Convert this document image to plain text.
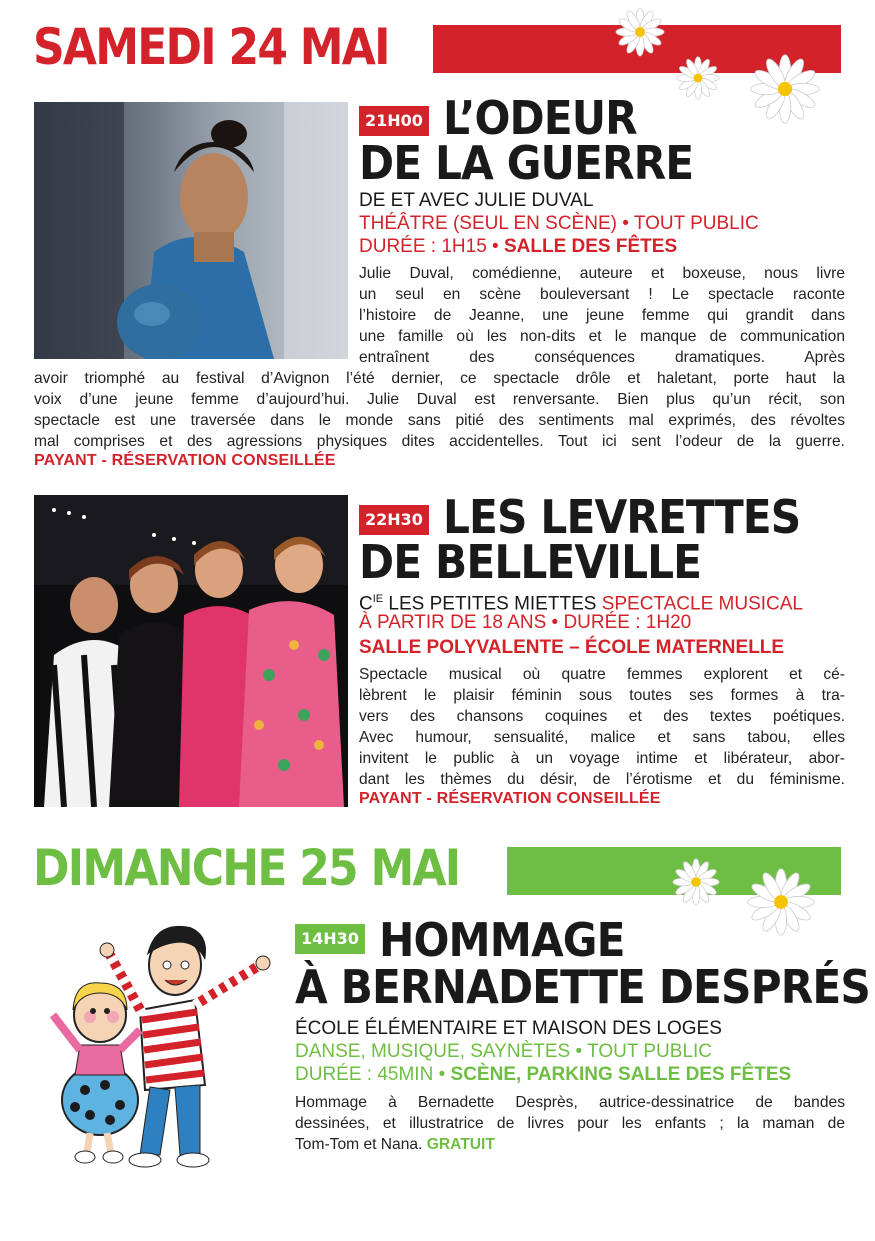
SAMEDI 24 MAI
21H00 L’ODEUR
DE LA GUERRE
DE ET AVEC JULIE DUVAL
THÉÂTRE (SEUL EN SCÈNE) • TOUT PUBLIC
DURÉE : 1H15 • SALLE DES FÊTES
Julie Duval, comédienne, auteure et boxeuse, nous livre
un seul en scène bouleversant ! Le spectacle raconte
l’histoire de Jeanne, une jeune femme qui grandit dans
une famille où les non-dits et le manque de communication
entraînent des conséquences dramatiques. Après
avoir triomphé au festival d’Avignon l’été dernier, ce spectacle drôle et haletant, porte haut la
voix d’une jeune femme d’aujourd’hui. Julie Duval est renversante. Bien plus qu’un récit, son
spectacle est une traversée dans le monde sans pitié des sentiments mal exprimés, des révoltes
mal comprises et des agressions physiques dites accidentelles. Tout ici sent l’odeur de la guerre.
PAYANT - RÉSERVATION CONSEILLÉE
22H30 LES LEVRETTES
DE BELLEVILLE
$C^{IE}$ LES PETITES MIETTES SPECTACLE MUSICAL
À PARTIR DE 18 ANS • DURÉE : 1H20
SALLE POLYVALENTE – ÉCOLE MATERNELLE
Spectacle musical où quatre femmes explorent et cé-
lèbrent le plaisir féminin sous toutes ses formes à tra-
vers des chansons coquines et des textes poétiques.
Avec humour, sensualité, malice et sans tabou, elles
invitent le public à un voyage intime et libérateur, abor-
dant les thèmes du désir, de l’érotisme et du féminisme.
PAYANT - RÉSERVATION CONSEILLÉE
DIMANCHE 25 MAI
14H30 HOMMAGE
À BERNADETTE DESPRÉS
ÉCOLE ÉLÉMENTAIRE ET MAISON DES LOGES
DANSE, MUSIQUE, SAYNÈTES • TOUT PUBLIC
DURÉE : 45MIN • SCÈNE, PARKING SALLE DES FÊTES
Hommage à Bernadette Desprès, autrice-dessinatrice de bandes
dessinées, et illustratrice de livres pour les enfants ; la maman de
Tom-Tom et Nana. GRATUIT
